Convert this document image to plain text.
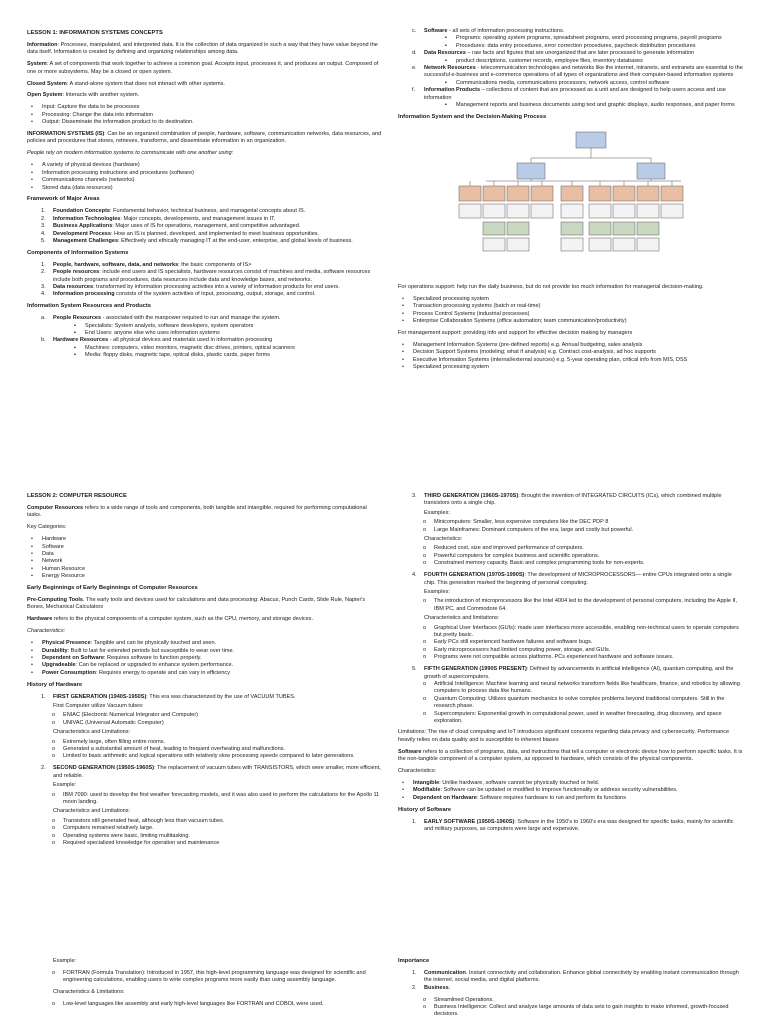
LESSON 1: INFORMATION SYSTEMS CONCEPTS

Information: Processes, manipulated, and interpreted data. It is the collection of data organized in such a way that they have value beyond the data itself. Information is created by defining and organizing relationships among data.

System: A set of components that work together to achieve a common goal. Accepts input, processes it, and produces an output. Composed of one or more subsystems. May be a closed or open system.

Closed System: A stand-alone system that does not interact with other systems.

Open System: Interacts with another system.

•
Input: Capture the data to be processes
•
Processing: Change the data into information
•
Output: Disseminate the information product to its destination.

INFORMATION SYSTEMS (IS): Can be an organized combination of people, hardware, software, communication networks, data resources, and policies and procedures that stores, retrieves, transforms, and disseminate information in an organization.

People rely on modern information systems to communicate with one another using:

•
A variety of physical devices (hardware)
•
Information processing instructions and procedures (software)
•
Communications channels (networks)
•
Stored data (data resources)
Framework of Major Areas
1. Foundation Concepts: Fundamental behavior, technical business, and managerial concepts about IS.
2. Information Technologies: Major concepts, developments, and management issues in IT.
3. Business Applications: Major uses of IS for operations, management, and competitive advantaged.
4. Development Process: How an IS is planned, developed, and implemented to meet business opportunities.
5. Management Challenges: Effectively and ethically managing IT at the end-user, enterprise, and global levels of business.
Components of Information Systems
1. People, hardware, software, data, and networks: the basic components of IS>
2. People resources: include end users and IS specialists, hardware resources consist of machines and media, software resources include both programs and procedures, data resources include data and knowledge bases, and networks.
3. Data resources: transformed by information processing activities into a variety of information products for end users.
4. Information processing consists of the system activities of input, processing, output, storage, and control.
Information System Resources and Products
a. People Resources - associated with the manpower required to run and manage the system.
▪
Specialists: System analysts, software developers, system operators
▪
End Users: anyone else who uses information systems
b. Hardware Resources - all physical devices and materials used in information processing
▪
Machines: computers, video monitors, magnetic disc drives, printers, optical scanners
▪
Media: floppy disks, magnetic tape, optical disks, plastic cards, paper forms
c. Software - all sets of information processing instructions.
▪
Programs: operating system programs, spreadsheet programs, word processing programs, payroll programs
▪
Procedures: data entry procedures, error correction procedures, paycheck distribution procedures
d. Data Resources – raw facts and figures that are unorganized that are later processed to generate information
▪
product descriptions, customer records, employee files, inventory databases
e. Network Resources - telecommunication technologies and networks like the internet, intranets, and extranets are essential to the successful e-business and e-commerce operations of all types of organizations and their computer-based information systems
▪
Communications media, communications processors, network access, control software
f. Information Products – collections of content that are processed as a unit and are designed to help users access and use information
▪
Management reports and business documents using text and graphic displays, audio responses, and paper forms
Information System and the Decision-Making Process

For operations support: help run the daily business, but do not provide too much information for managerial decision-making.

•
Specialized processing system
•
Transaction processing systems (batch or real-time)
•
Process Control Systems (industrial processes)
•
Enterprise Collaboration Systems (office automation; team communication/productivity)

For management support: providing info and support for effective decision making by managers

•
Management Information Systems (pre-defined reports) e.g. Annual budgeting, sales analysis
•
Decision Support Systems (modeling; what if analysis) e.g. Contract cost-analysis, ad hoc supports
•
Executive Information Systems (internal/external sources) e.g. 5-year operating plan, critical info from MIS, DSS
•
Specialized processing system
LESSON 2: COMPUTER RESOURCE

Computer Resources refers to a wide range of tools and components, both tangible and intangible, required for performing computational tasks.

Key Categories:

•
Hardware
•
Software
•
Data
•
Network
•
Human Resource
•
Energy Resource
Early Beginnings of Early Beginnings of Computer Resources

Pre-Computing Tools. The early tools and devices used for calculations and data processing: Abacus, Punch Cards, Slide Rule, Napier's Bones, Mechanical Calculators

Hardware refers to the physical components of a computer system, such as the CPU, memory, and storage devices.

Characteristics:

•
Physical Presence: Tangible and can be physically touched and seen.
•
Durability: Built to last for extended periods but susceptible to wear over time.
•
Dependent on Software: Requires software to function properly.
•
Upgradeable: Can be replaced or upgraded to enhance system performance.
•
Power Consumption: Requires energy to operate and can vary in efficiency
History of Hardware
1. FIRST GENERATION (1940S-1950S): This era was characterized by the use of VACUUM TUBES.
First Computer utilize Vacuum tubes:
o
ENIAC (Electronic Numerical Integrator and Computer)
o
UNIVAC (Universal Automatic Computer)
Characteristics and Limitations:
o
Extremely large, often filling entire rooms.
o
Generated a substantial amount of heat, leading to frequent overheating and malfunctions.
o
Limited to basic arithmetic and logical operations with relatively slow processing speeds compared to later generations.
2. SECOND GENERATION (1950S-1960S): The replacement of vacuum tubes with TRANSISTORS, which were smaller, more efficient, and reliable.
Example:
o
IBM 7090: used to develop the first weather forecasting models, and it was also used to perform the calculations for the Apollo 11 moon landing.
Characteristics and Limitations:
o
Transistors still generated heat, although less than vacuum tubes.
o
Computers remained relatively large.
o
Operating systems were basic, limiting multitasking.
o
Required specialized knowledge for operation and maintenance
3. THIRD GENERATION (1960S-1970S): Brought the invention of INTEGRATED CIRCUITS (ICs), which combined multiple transistors onto a single chip.
Examples:
o
Minicomputers: Smaller, less expensive computers like the DEC PDP 8
o
Large Mainframes: Dominant computers of the era, large and costly but powerful.
Characteristics:
o
Reduced cost, size and improved performance of computers.
o
Powerful computers for complex business and scientific operations.
o
Constrained memory capacity. Basic and complex programming tools for non-experts.
4. FOURTH GENERATION (1970S-1990S): The development of MICROPROCESSORS— entire CPUs integrated onto a single chip. This generation marked the beginning of personal computing.
Examples:
o
The introduction of microprocessors like the Intel 4004 led to the development of personal computers, including the Apple II, IBM PC, and Commodore 64.
Characteristics and limitations:
o
Graphical User Interfaces (GUIs): made user interfaces more accessible, enabling non-technical users to operate computers but pretty basic.
o
Early PCs still experienced hardware failures and software bugs.
o
Early microprocessors had limited computing power, storage, and GUIs.
o
Programs were not compatible across platforms. PCs experienced hardware and software issues.
5. FIFTH GENERATION (1990S PRESENT): Defined by advancements in artificial intelligence (AI), quantum computing, and the growth of supercomputers.
o
Artificial Intelligence: Machine learning and neural networks transform fields like healthcare, finance, and robotics by allowing computers to process data like humans.
o
Quantum Computing: Utilizes quantum mechanics to solve complex problems beyond traditional computers. Still in the research phase.
o
Supercomputers: Exponential growth in computational power, used in weather forecasting, drug discovery, and space exploration.
Limitations: The rise of cloud computing and IoT introduces significant concerns regarding data privacy and cybersecurity. Performance heavily relies on data quality and is susceptible to inherent biases

Software refers to a collection of programs, data, and instructions that tell a computer or electronic device how to perform specific tasks. It is the non-tangible component of a computer system, as opposed to hardware, which consists of the physical components.

Characteristics:

•
Intangible: Unlike hardware, software cannot be physically touched or held.
•
Modifiable: Software can be updated or modified to improve functionality or address security vulnerabilities.
•
Dependent on Hardware: Software requires hardware to run and perform its functions
History of Software
1. EARLY SOFTWARE (1950S-1960S): Software in the 1950's to 1960's era was designed for specific tasks, mainly for scientific and military purposes, as computers were large and expensive.

Example:

o
FORTRAN (Formula Translation): Introduced in 1957, this high-level programming language was designed for scientific and engineering calculations, enabling users to write complex programs more easily than using assembly language.

Characteristics & Limitations:

o
Low-level languages like assembly and early high-level languages like FORTRAN and COBOL were used.
Importance
1. Communication. Instant connectivity and collaboration. Enhance global connectivity by enabling instant communication through the internet, social media, and digital platforms.
2. Business.
o
Streamlined Operations.
o
Business Intelligence: Collect and analyze large amounts of data sets to gain insights to make informed, growth-focused decisions.
